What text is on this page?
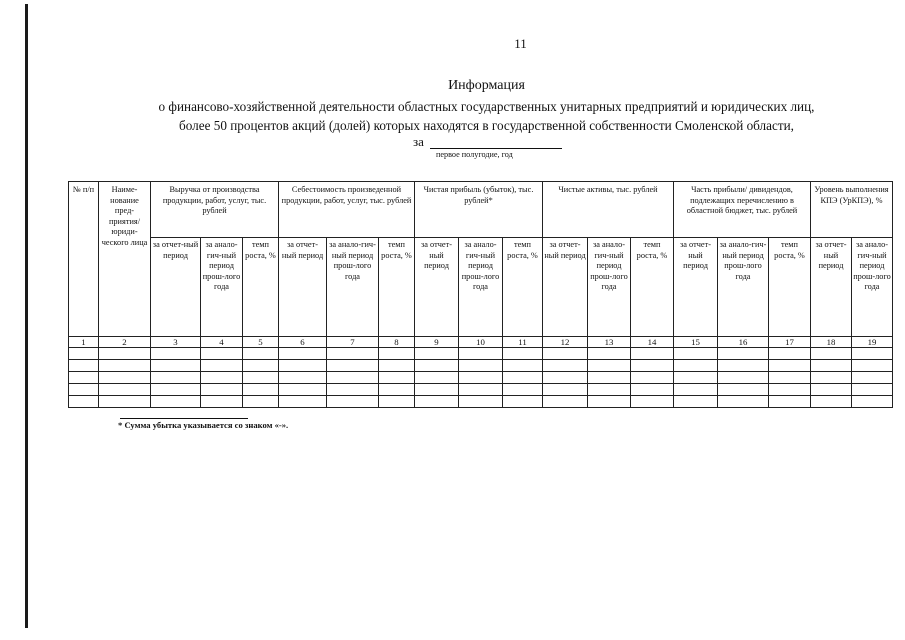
11
Информация
о финансово-хозяйственной деятельности областных государственных унитарных предприятий и юридических лиц,
более 50 процентов акций (долей) которых находятся в государственной собственности Смоленской области,
за
первое полугодие, год
№ п/п	Наиме-нование пред-приятия/ юриди-ческого лица	Выручка от производства продукции, работ, услуг, тыс. рублей			Себестоимость произведенной продукции, работ, услуг, тыс. рублей			Чистая прибыль (убыток), тыс. рублей*			Чистые активы, тыс. рублей			Часть прибыли/ дивидендов, подлежащих перечислению в областной бюджет, тыс. рублей			Уровень выполнения КПЭ (УрКПЭ), %	
		за отчет-ный период	за анало-гич-ный период прош-лого года	темп роста, %	за отчет-ный период	за анало-гич-ный период прош-лого года	темп роста, %	за отчет-ный период	за анало-гич-ный период прош-лого года	темп роста, %	за отчет-ный период	за анало-гич-ный период прош-лого года	темп роста, %	за отчет-ный период	за анало-гич-ный период прош-лого года	темп роста, %	за отчет-ный период	за анало-гич-ный период прош-лого года
1	2	3	4	5	6	7	8	9	10	11	12	13	14	15	16	17	18	19

* Сумма убытка указывается со знаком «-».
